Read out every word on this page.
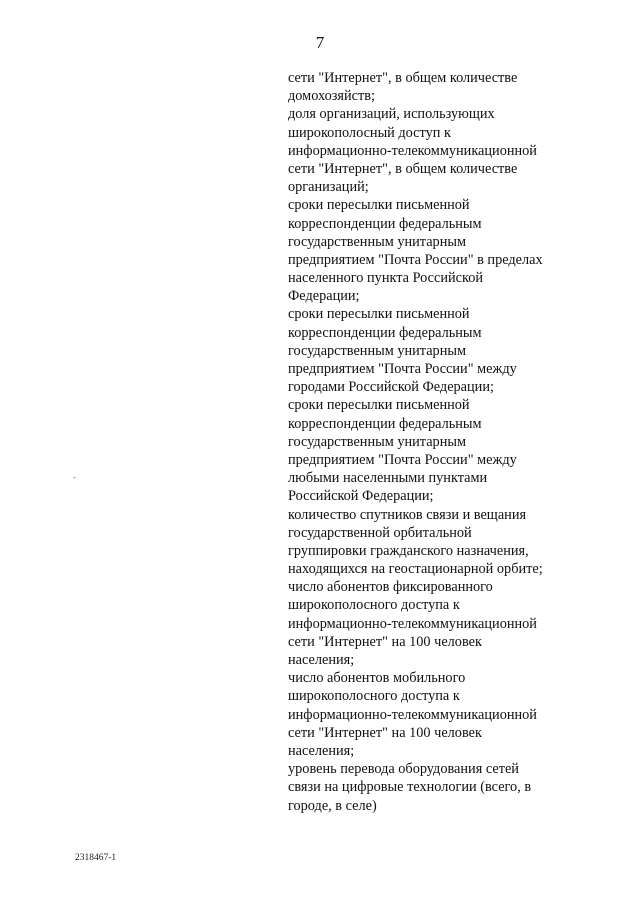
7
сети "Интернет", в общем количестве
домохозяйств;
доля организаций, использующих
широкополосный доступ к
информационно-телекоммуникационной
сети "Интернет", в общем количестве
организаций;
сроки пересылки письменной
корреспонденции федеральным
государственным унитарным
предприятием "Почта России" в пределах
населенного пункта Российской
Федерации;
сроки пересылки письменной
корреспонденции федеральным
государственным унитарным
предприятием "Почта России" между
городами Российской Федерации;
сроки пересылки письменной
корреспонденции федеральным
государственным унитарным
предприятием "Почта России" между
любыми населенными пунктами
Российской Федерации;
количество спутников связи и вещания
государственной орбитальной
группировки гражданского назначения,
находящихся на геостационарной орбите;
число абонентов фиксированного
широкополосного доступа к
информационно-телекоммуникационной
сети "Интернет" на 100 человек
населения;
число абонентов мобильного
широкополосного доступа к
информационно-телекоммуникационной
сети "Интернет" на 100 человек
населения;
уровень перевода оборудования сетей
связи на цифровые технологии (всего, в
городе, в селе)
-
2318467-1
